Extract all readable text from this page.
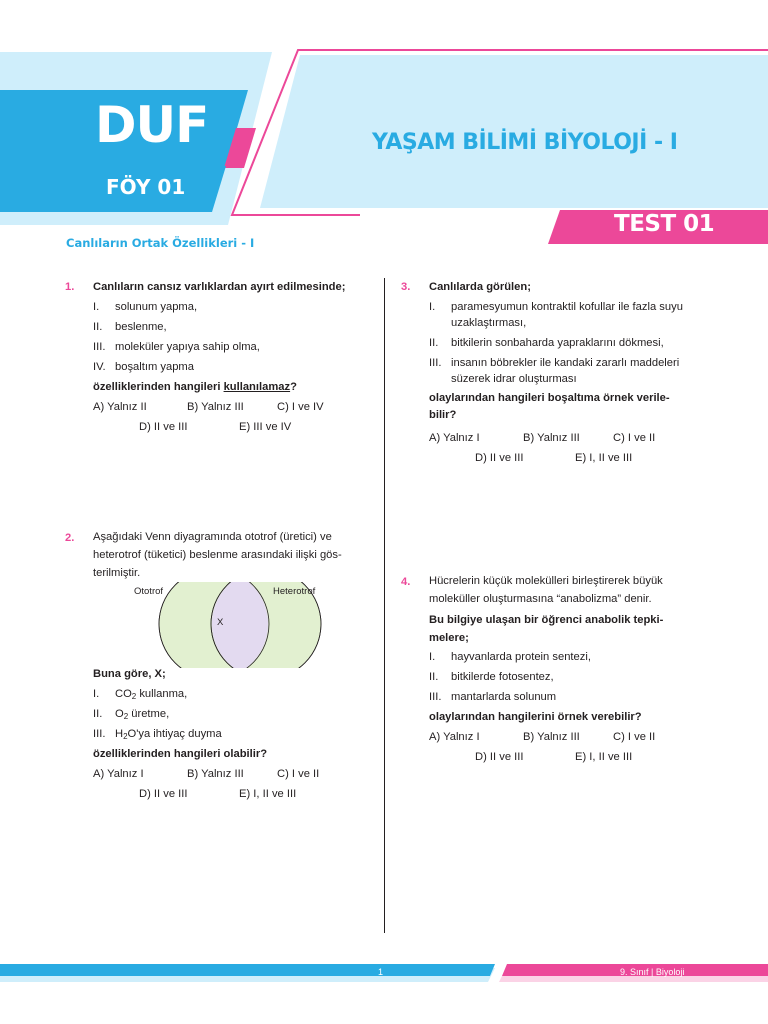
DUF
FÖY 01
YAŞAM BİLİMİ BİYOLOJİ - I
TEST 01
Canlıların Ortak Özellikleri - I
1. Canlıların cansız varlıklardan ayırt edilmesinde;

I.	solunum yapma,
II.	beslenme,
III. moleküler yapıya sahip olma,
IV. boşaltım yapma

özelliklerinden hangileri kullanılamaz?

A) Yalnız II	B) Yalnız III	C) I ve IV
D) II ve III	E) III ve IV
2. Aşağıdaki Venn diyagramında ototrof (üretici) ve
heterotrof (tüketici) beslenme arasındaki ilişki gös-
terilmiştir.

Ototrof	Heterotrof
X

Buna göre, X;

I.	$CO_2$ kullanma,
II.	$O_2$ üretme,
III. $H_2O'ya$ ihtiyaç duyma

özelliklerinden hangileri olabilir?

A) Yalnız I	B) Yalnız III	C) I ve II
D) II ve III	E) I, II ve III
3. Canlılarda görülen;

I.	paramesyumun kontraktil kofullar ile fazla suyu
uzaklaştırması,
II.	bitkilerin sonbaharda yapraklarını dökmesi,
III. insanın böbrekler ile kandaki zararlı maddeleri
süzerek idrar oluşturması

olaylarından hangileri boşaltıma örnek verile-
bilir?

A) Yalnız I	B) Yalnız III	C) I ve II
D) II ve III	E) I, II ve III
4. Hücrelerin küçük molekülleri birleştirerek büyük
moleküller oluşturmasına “anabolizma” denir.

Bu bilgiye ulaşan bir öğrenci anabolik tepki-
melere;

I.	hayvanlarda protein sentezi,
II.	bitkilerde fotosentez,
III. mantarlarda solunum

olaylarından hangilerini örnek verebilir?

A) Yalnız I	B) Yalnız III	C) I ve II
D) II ve III	E) I, II ve III
1	9. Sınıf | Biyoloji
